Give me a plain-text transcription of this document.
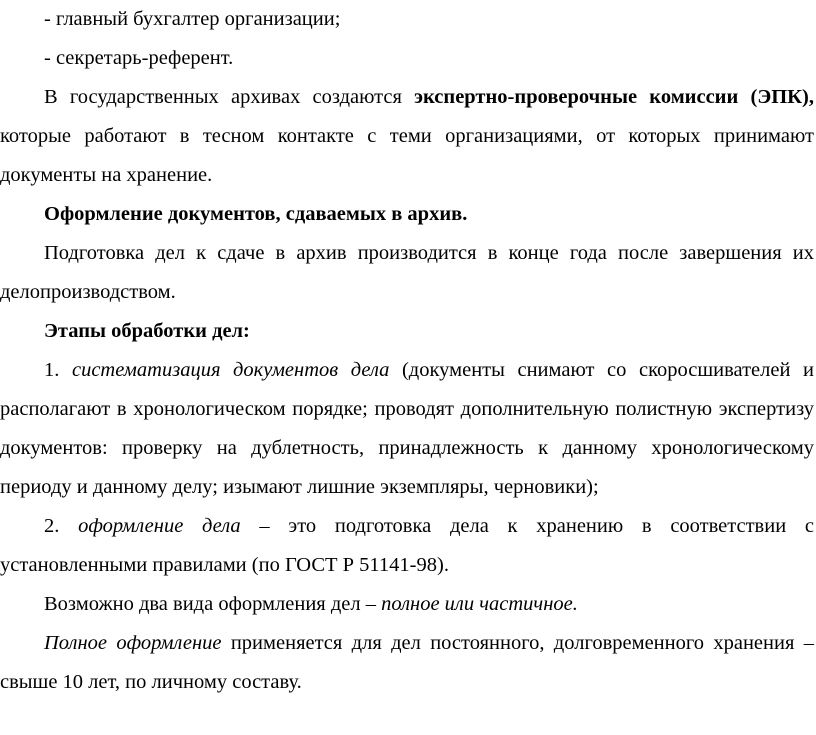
- главный бухгалтер организации;

- секретарь-референт.

В государственных архивах создаются экспертно-проверочные комиссии (ЭПК), которые работают в тесном контакте с теми организациями, от которых принимают документы на хранение.

Оформление документов, сдаваемых в архив.

Подготовка дел к сдаче в архив производится в конце года после завершения их делопроизводством.

Этапы обработки дел:

1. систематизация документов дела (документы снимают со скоросшивателей и располагают в хронологическом порядке; проводят дополнительную полистную экспертизу документов: проверку на дублетность, принадлежность к данному хронологическому периоду и данному делу; изымают лишние экземпляры, черновики);

2. оформление дела – это подготовка дела к хранению в соответствии с установленными правилами (по ГОСТ Р 51141-98).

Возможно два вида оформления дел – полное или частичное.

Полное оформление применяется для дел постоянного, долговременного хранения – свыше 10 лет, по личному составу.
